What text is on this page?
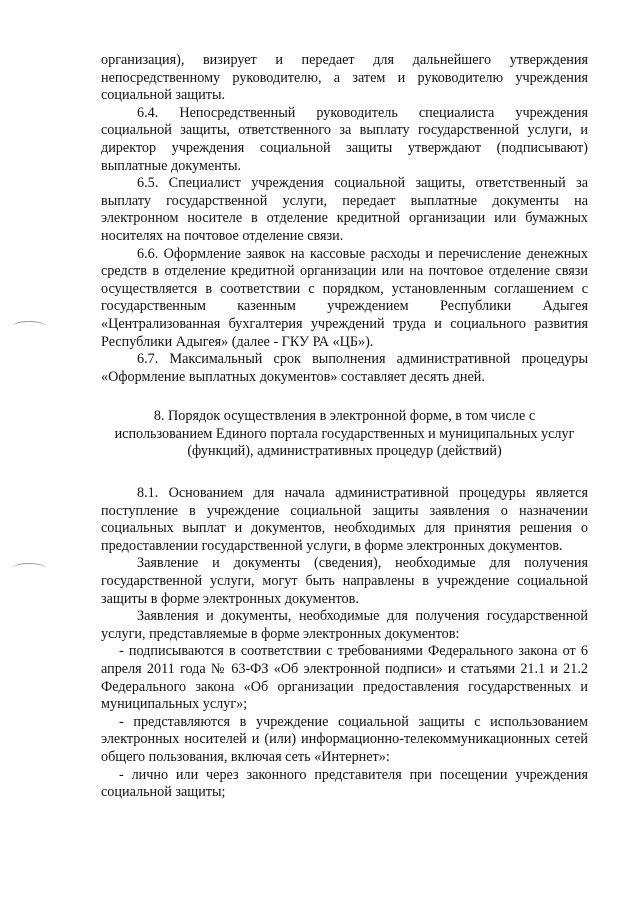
организация), визирует и передает для дальнейшего утверждения непосредственному руководителю, а затем и руководителю учреждения социальной защиты.

6.4. Непосредственный руководитель специалиста учреждения социальной защиты, ответственного за выплату государственной услуги, и директор учреждения социальной защиты утверждают (подписывают) выплатные документы.

6.5. Специалист учреждения социальной защиты, ответственный за выплату государственной услуги, передает выплатные документы на электронном носителе в отделение кредитной организации или бумажных носителях на почтовое отделение связи.

6.6. Оформление заявок на кассовые расходы и перечисление денежных средств в отделение кредитной организации или на почтовое отделение связи осуществляется в соответствии с порядком, установленным соглашением с государственным казенным учреждением Республики Адыгея «Централизованная бухгалтерия учреждений труда и социального развития Республики Адыгея» (далее - ГКУ РА «ЦБ»).

6.7. Максимальный срок выполнения административной процедуры «Оформление выплатных документов» составляет десять дней.

8. Порядок осуществления в электронной форме, в том числе с использованием Единого портала государственных и муниципальных услуг (функций), административных процедур (действий)

8.1. Основанием для начала административной процедуры является поступление в учреждение социальной защиты заявления о назначении социальных выплат и документов, необходимых для принятия решения о предоставлении государственной услуги, в форме электронных документов.

Заявление и документы (сведения), необходимые для получения государственной услуги, могут быть направлены в учреждение социальной защиты в форме электронных документов.

Заявления и документы, необходимые для получения государственной услуги, представляемые в форме электронных документов:

- подписываются в соответствии с требованиями Федерального закона от 6 апреля 2011 года № 63-ФЗ «Об электронной подписи» и статьями 21.1 и 21.2 Федерального закона «Об организации предоставления государственных и муниципальных услуг»;

- представляются в учреждение социальной защиты с использованием электронных носителей и (или) информационно-телекоммуникационных сетей общего пользования, включая сеть «Интернет»:

- лично или через законного представителя при посещении учреждения социальной защиты;
